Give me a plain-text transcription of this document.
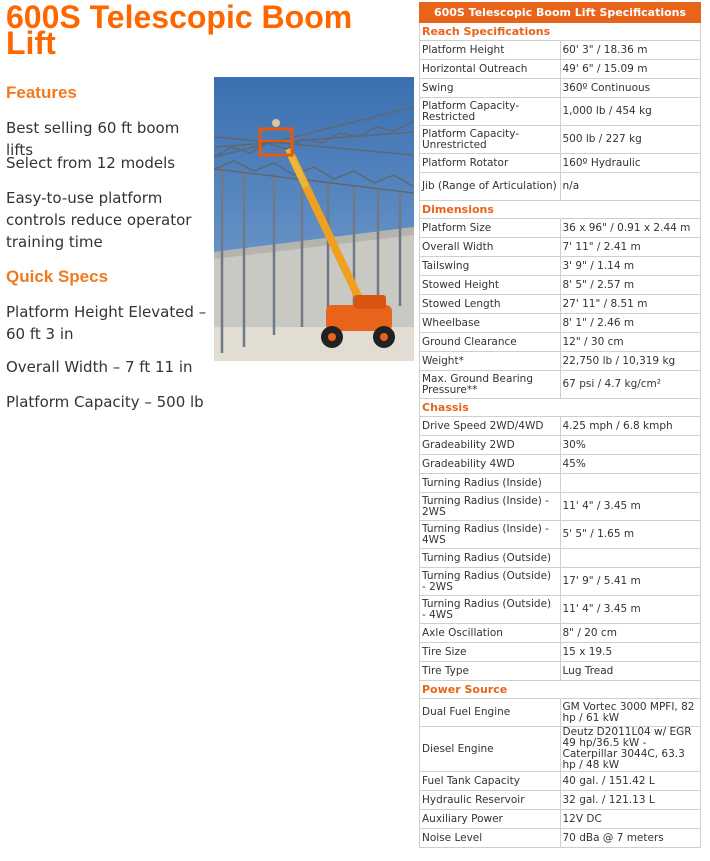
600S Telescopic Boom Lift
Features

Best selling 60 ft boom lifts

Select from 12 models

Easy-to-use platform controls reduce operator training time

Quick Specs

Platform Height Elevated – 60 ft 3 in

Overall Width – 7 ft 11 in

Platform Capacity – 500 lb

600S Telescopic Boom Lift Specifications	
Reach Specifications	
Platform Height	60' 3" / 18.36 m
Horizontal Outreach	49' 6" / 15.09 m
Swing	360º Continuous
Platform Capacity-Restricted	1,000 lb / 454 kg
Platform Capacity-Unrestricted	500 lb / 227 kg
Platform Rotator	160º Hydraulic
Jib (Range of Articulation)	n/a
Dimensions	
Platform Size	36 x 96" / 0.91 x 2.44 m
Overall Width	7' 11" / 2.41 m
Tailswing	3' 9" / 1.14 m
Stowed Height	8' 5" / 2.57 m
Stowed Length	27' 11" / 8.51 m
Wheelbase	8' 1" / 2.46 m
Ground Clearance	12" / 30 cm
Weight*	22,750 lb / 10,319 kg
Max. Ground Bearing Pressure**	67 psi / 4.7 kg/cm²
Chassis	
Drive Speed 2WD/4WD	4.25 mph / 6.8 kmph
Gradeability 2WD	30%
Gradeability 4WD	45%
Turning Radius (Inside)	
Turning Radius (Inside) - 2WS	11' 4" / 3.45 m
Turning Radius (Inside) - 4WS	5' 5" / 1.65 m
Turning Radius (Outside)	
Turning Radius (Outside) - 2WS	17' 9" / 5.41 m
Turning Radius (Outside) - 4WS	11' 4" / 3.45 m
Axle Oscillation	8" / 20 cm
Tire Size	15 x 19.5
Tire Type	Lug Tread
Power Source	
Dual Fuel Engine	GM Vortec 3000 MPFI, 82 hp / 61 kW
Diesel Engine	Deutz D2011L04 w/ EGR 49 hp/36.5 kW - Caterpillar 3044C, 63.3 hp / 48 kW
Fuel Tank Capacity	40 gal. / 151.42 L
Hydraulic Reservoir	32 gal. / 121.13 L
Auxiliary Power	12V DC
Noise Level	70 dBa @ 7 meters
